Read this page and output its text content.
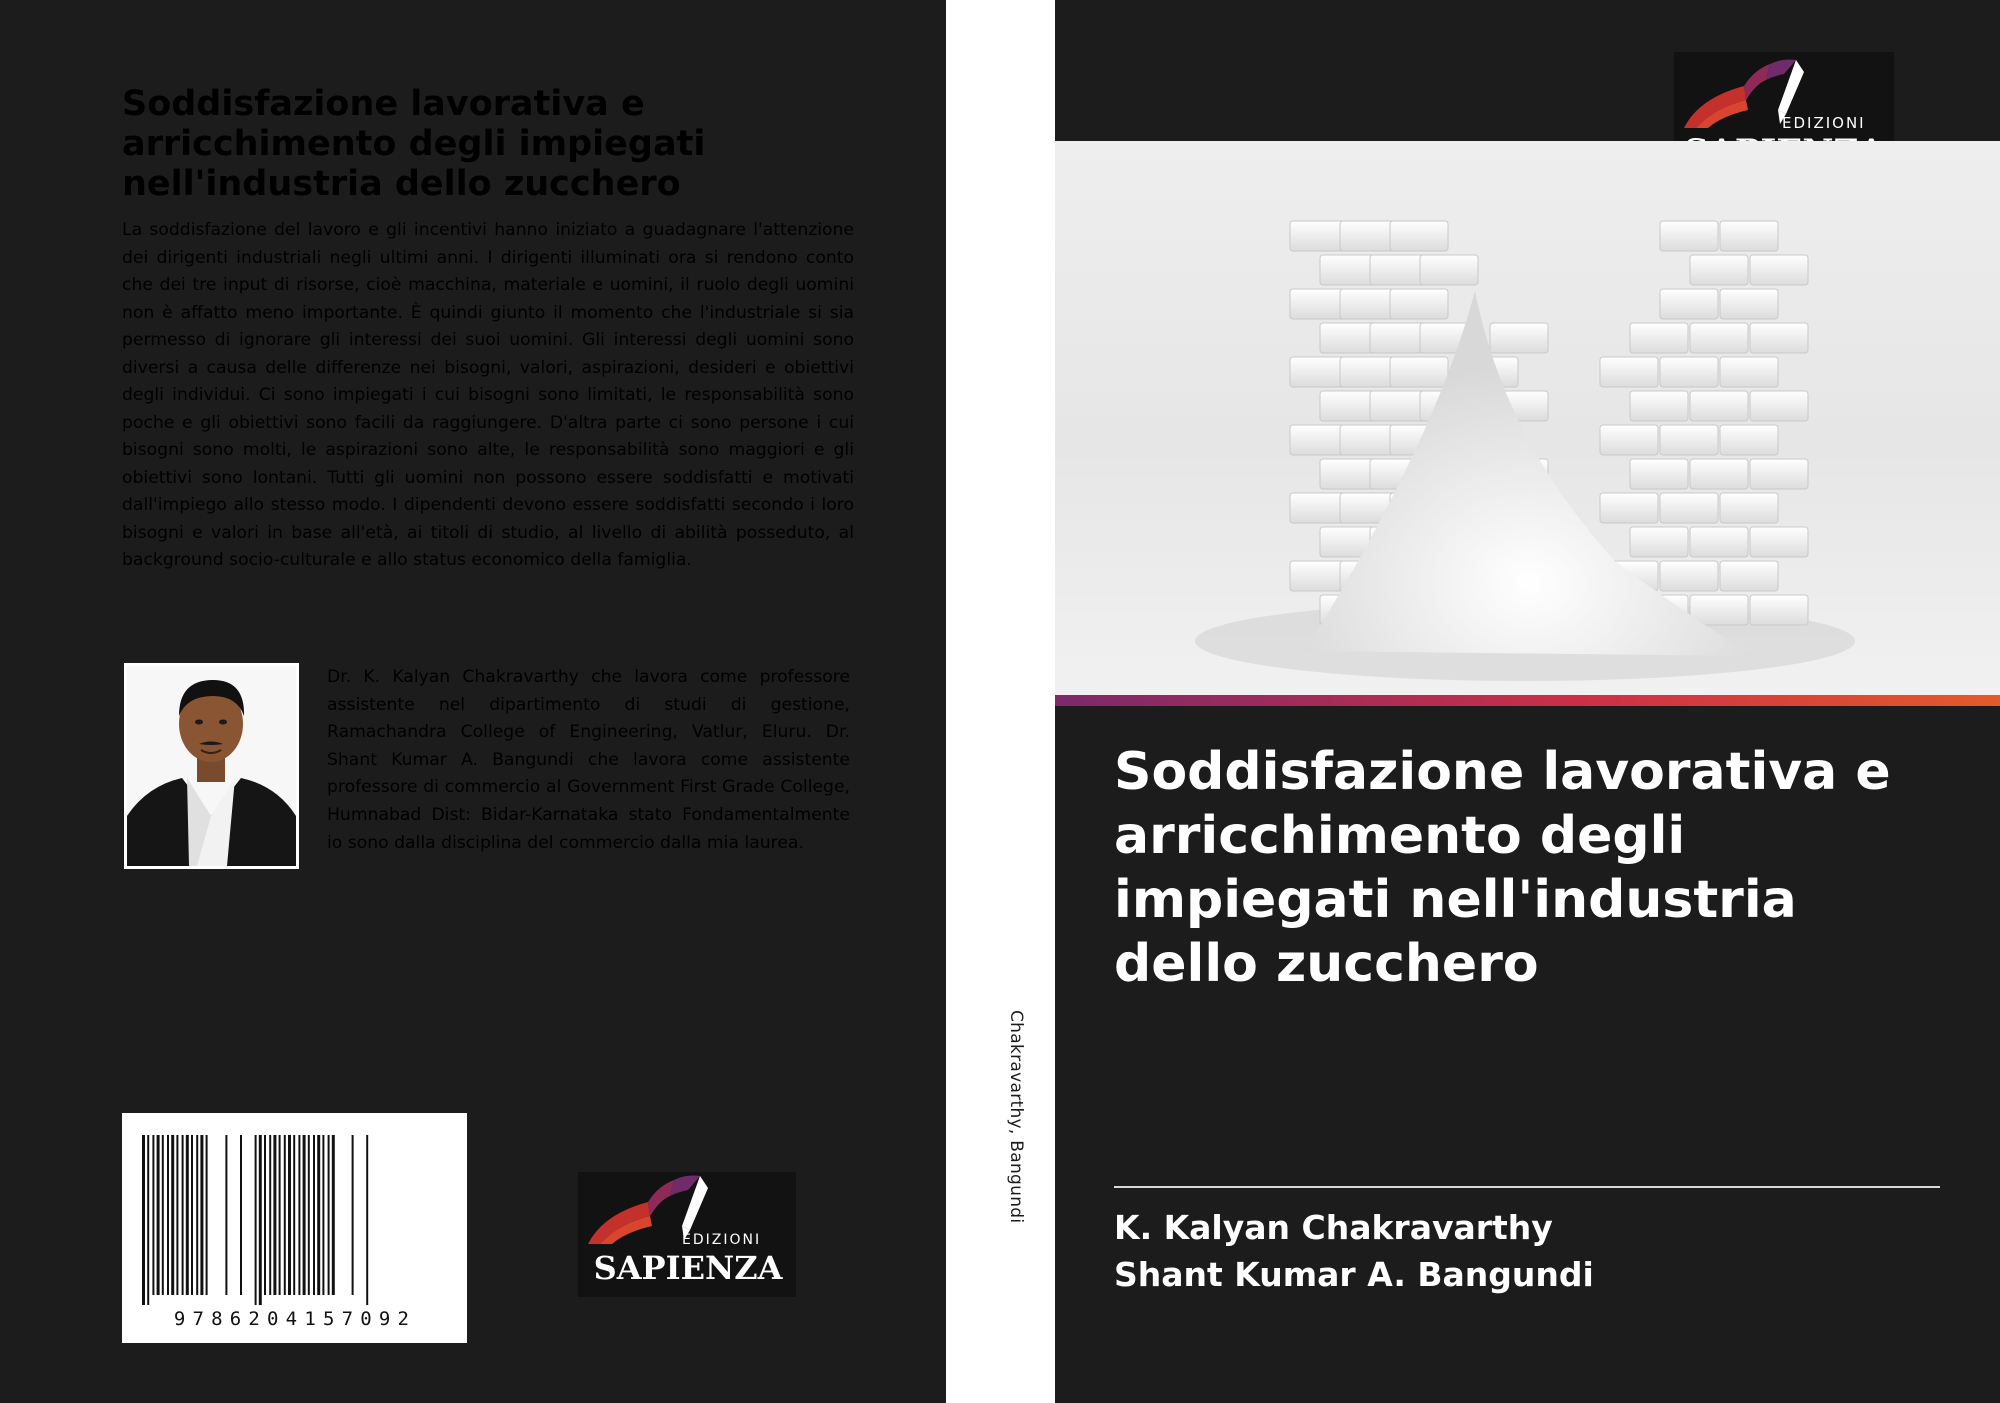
Soddisfazione lavorativa e arricchimento degli impiegati nell'industria dello zucchero

La soddisfazione del lavoro e gli incentivi hanno iniziato a guadagnare l'attenzione dei dirigenti industriali negli ultimi anni. I dirigenti illuminati ora si rendono conto che dei tre input di risorse, cioè macchina, materiale e uomini, il ruolo degli uomini non è affatto meno importante. È quindi giunto il momento che l'industriale si sia permesso di ignorare gli interessi dei suoi uomini. Gli interessi degli uomini sono diversi a causa delle differenze nei bisogni, valori, aspirazioni, desideri e obiettivi degli individui. Ci sono impiegati i cui bisogni sono limitati, le responsabilità sono poche e gli obiettivi sono facili da raggiungere. D'altra parte ci sono persone i cui bisogni sono molti, le aspirazioni sono alte, le responsabilità sono maggiori e gli obiettivi sono lontani. Tutti gli uomini non possono essere soddisfatti e motivati dall'impiego allo stesso modo. I dipendenti devono essere soddisfatti secondo i loro bisogni e valori in base all'età, ai titoli di studio, al livello di abilità posseduto, al background socio-culturale e allo status economico della famiglia.

Dr. K. Kalyan Chakravarthy che lavora come professore assistente nel dipartimento di studi di gestione, Ramachandra College of Engineering, Vatlur, Eluru. Dr. Shant Kumar A. Bangundi che lavora come assistente professore di commercio al Government First Grade College, Humnabad Dist: Bidar-Karnataka stato Fondamentalmente io sono dalla disciplina del commercio dalla mia laurea.

9786204157092
EDIZIONI
SAPIENZA
Chakravarthy, Bangundi
EDIZIONI
Soddisfazione lavorativa e arricchimento degli impiegati nell'industria dello zucchero

K. Kalyan Chakravarthy

Shant Kumar A. Bangundi
